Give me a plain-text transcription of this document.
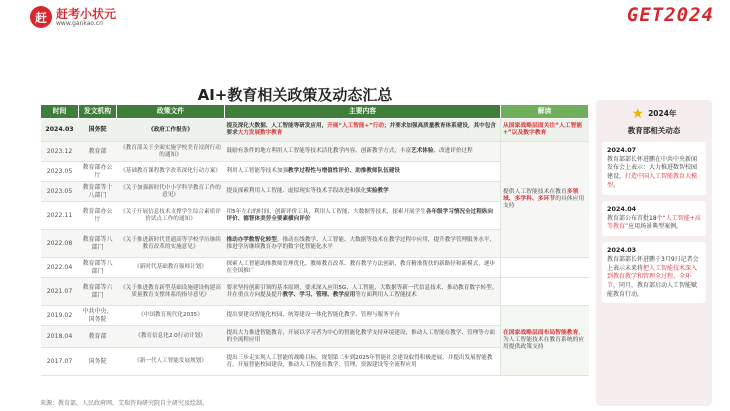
赶 赶考小状元
www.gankao.cn	GET2024
AI+教育相关政策及动态汇总
时间	发文机构	政策文件	主要内容	解读
2024.03	国务院	《政府工作报告》	提及深化大数据、人工智能等研发应用，开展“人工智能+”行动；并要求加强高质量教育体系建设，其中包含要求大力发展数字教育	从国家战略层面关注“人工智能+”以及数字教育
2023.12	教育部	《教育部关于全面实施学校美育浸润行动的通知》	鼓励有条件的地方利用人工智能等技术活化教学内容、创新教学方式，丰富艺术体验、改进评价过程	提供人工智能技术在教育多领域、多学科、多环节的具体应用支持
2023.05	教育部办公厅	《基础教育课程教学改革深化行动方案》	利用人工智能等技术加强教学过程性与增值性评价、助推教师队伍建设	
2023.05	教育部等十八部门	《关于加强新时代中小学科学教育工作的意见》	提及探索利用人工智能、虚拟现实等技术手段改进和强化实验教学	
2022.11	教育部办公厅	《关于开展信息技术支撑学生综合素质评价试点工作的通知》	用5年左右的时间，创新评价工具，利用人工智能、大数据等技术，探索开展学生各年级学习情况全过程纵向评价、德智体美劳全要素横向评价	
2022.08	教育部等八部门	《关于推进新时代普通高等学校学历继续教育改革的实施意见》	推动办学数智化转型。推动在线教学、人工智能、大数据等技术在教学过程中应用，提升教学管理服务水平，推进学历继续教育办学的数字化智能化水平	
2022.04	教育部等八部门	《新时代基础教育强师计划》	探索人工智能助推教师管理优化、教师教育改革、教育教学方法创新、教育精准帮扶的新路径和新模式，逐步在全国推广	
2021.07	教育部等六部门	《关于推进教育新型基础设施建设构建高质量教育支撑体系的指导意见》	要求坚持创新引领的基本原则，要求深入应用5G、人工智能、大数据等新一代信息技术，推动教育数字转型。并在重点方向提及提升教学、学习、管理、教学应用等方面利用人工智能技术	
2019.02	中共中央、国务院	《中国教育现代化2035》	提出要建设智能化校园，统筹建设一体化智能化教学、管理与服务平台	在国家战略层面布局智能教育，为人工智能技术在教育系统的应用提供政策支持
2018.04	教育部	《教育信息化2.0行动计划》	提出大力推进智能教育，开展以学习者为中心的智能化教学支持环境建设，推动人工智能在教学、管理等方面的全流程应用	
2017.07	国务院	《新一代人工智能发展规划》	提出三步走实现人工智能的战略目标，规划第二步到2025年智能社会建设取得积极进展，并提出发展智能教育，开展智能校园建设，推动人工智能在教学、管理、资源建设等全流程应用	
来源：教育部，人民政府网，艾瑞咨询研究院自主研究及绘制。
★ 2024年
教育部相关动态
2024.07
教育部部长怀进鹏在中共中央新闻发布会上表示：大力推进数智校园建设，打造中国人工智能教育大模型。
2024.04
教育部公布首批18个“人工智能+高等教育”应用场景典型案例。
2024.03
教育部部长怀进鹏于3月9日记者会上表示未来将把人工智能技术深入到教育教学和管理全过程、全环节，同月，教育部启动人工智能赋能教育行动。
